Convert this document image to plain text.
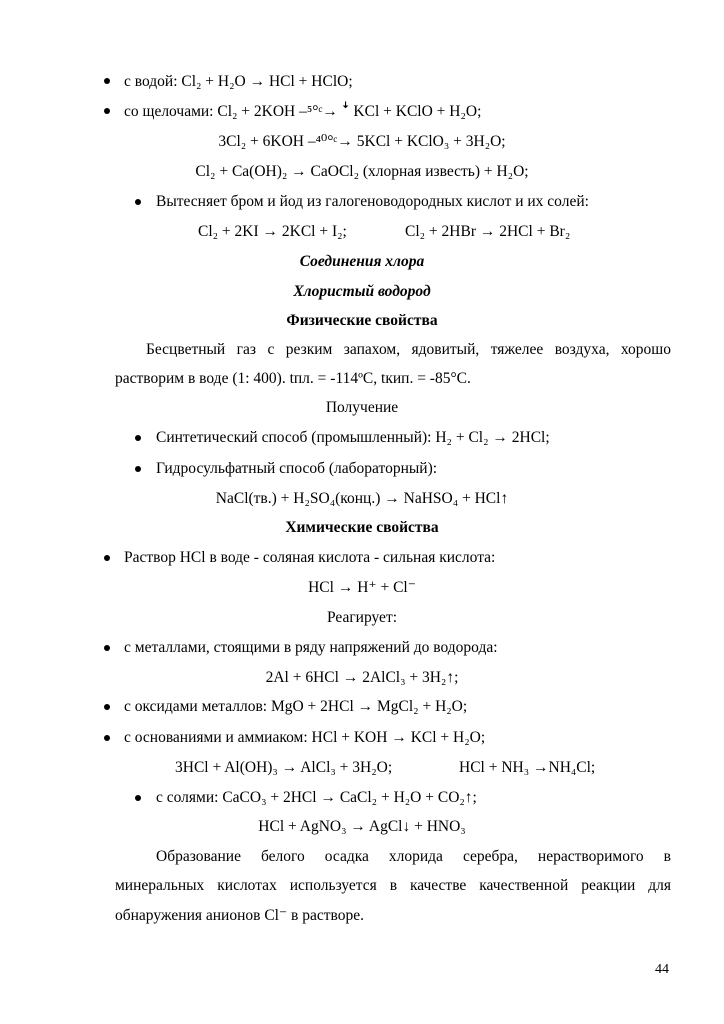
с водой: Cl₂ + H₂O → HCl + HClO;
со щелочами: Cl₂ + 2KOH –⁵°ᶜ→ ꜜ KCl + KClO + H₂O;
3Cl₂ + 6KOH –⁴⁰°ᶜ→ 5KCl + KClO₃ + 3H₂O;
Cl₂ + Ca(OH)₂ → CaOCl₂ (хлорная известь) + H₂O;
Вытесняет бром и йод из галогеноводородных кислот и их солей:
Cl₂ + 2KI → 2KCl + I₂;	Cl₂ + 2HBr → 2HCl + Br₂
Соединения хлора
Хлористый водород
Физические свойства
Бесцветный газ с резким запахом, ядовитый, тяжелее воздуха, хорошо
растворим в воде (1: 400). tпл. = -114ºС, tкип. = -85°С.
Получение
Синтетический способ (промышленный): H₂ + Cl₂ → 2HCl;
Гидросульфатный способ (лабораторный):
NaCl(тв.) + H₂SO₄(конц.) → NaHSO₄ + HCl↑
Химические свойства
Раствор HCl в воде - соляная кислота - сильная кислота:
HCl → H⁺ + Cl⁻
Реагирует:
с металлами, стоящими в ряду напряжений до водорода:
2Al + 6HCl → 2AlCl₃ + 3H₂↑;
с оксидами металлов: MgO + 2HCl → MgCl₂ + H₂O;
с основаниями и аммиаком: HCl + KOH → KCl + H₂O;
3HCl + Al(OH)₃ → AlCl₃ + 3H₂O;	HCl + NH₃ →NH₄Cl;
с солями: CaCO₃ + 2HCl → CaCl₂ + H₂O + CO₂↑;
HCl + AgNO₃ → AgCl↓ + HNO₃
Образование белого осадка хлорида серебра, нерастворимого в
минеральных кислотах используется в качестве качественной реакции для
обнаружения анионов Cl⁻ в растворе.
44
